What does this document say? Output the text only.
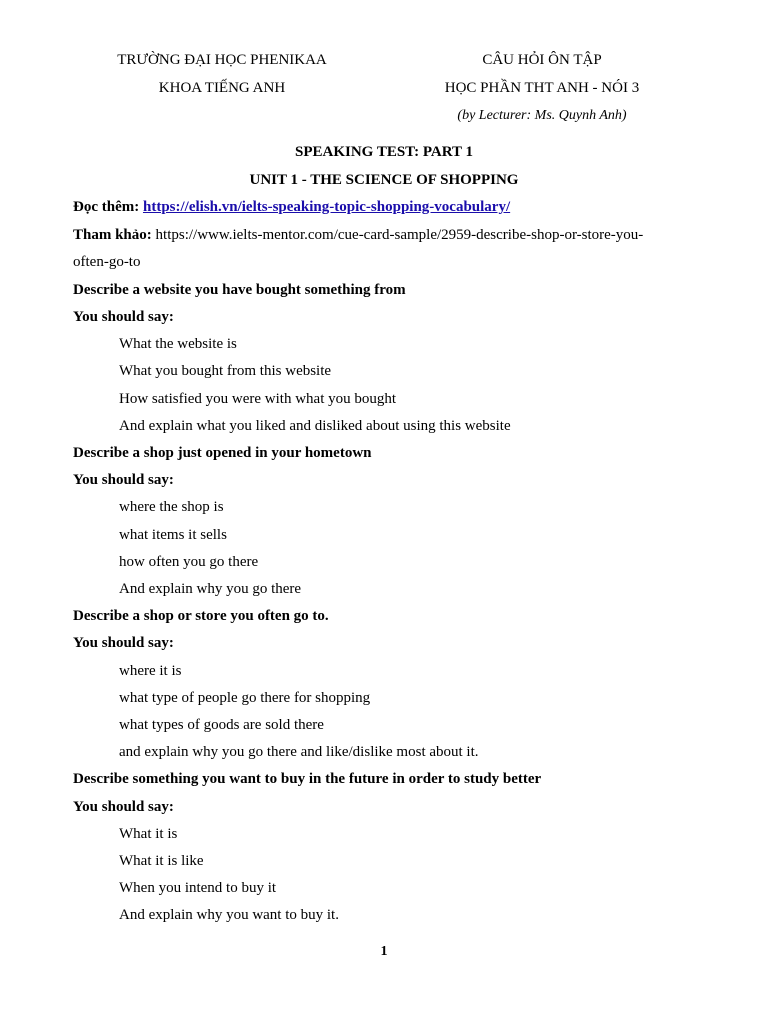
TRƯỜNG ĐẠI HỌC PHENIKAA
KHOA TIẾNG ANH
CÂU HỎI ÔN TẬP
HỌC PHẦN THT ANH - NÓI 3
(by Lecturer: Ms. Quynh Anh)
SPEAKING TEST: PART 1
UNIT 1 - THE SCIENCE OF SHOPPING
Đọc thêm: https://elish.vn/ielts-speaking-topic-shopping-vocabulary/
Tham khảo: https://www.ielts-mentor.com/cue-card-sample/2959-describe-shop-or-store-you-
often-go-to
Describe a website you have bought something from
You should say:
What the website is
What you bought from this website
How satisfied you were with what you bought
And explain what you liked and disliked about using this website
Describe a shop just opened in your hometown
You should say:
where the shop is
what items it sells
how often you go there
And explain why you go there
Describe a shop or store you often go to.
You should say:
where it is
what type of people go there for shopping
what types of goods are sold there
and explain why you go there and like/dislike most about it.
Describe something you want to buy in the future in order to study better
You should say:
What it is
What it is like
When you intend to buy it
And explain why you want to buy it.
1
